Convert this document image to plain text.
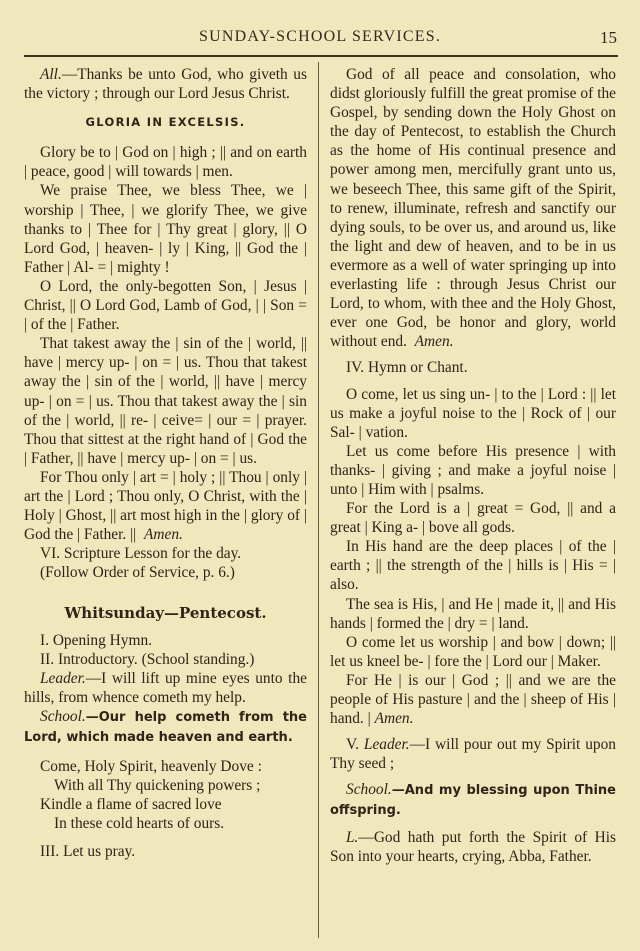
SUNDAY-SCHOOL SERVICES.	15

All.—Thanks be unto God, who giveth us the victory ; through our Lord Jesus Christ.

GLORIA IN EXCELSIS.

Glory be to | God on | high ; || and on earth | peace, good | will towards | men.

We praise Thee, we bless Thee, we | worship | Thee, | we glorify Thee, we give thanks to | Thee for | Thy great | glory, || O Lord God, | heaven- | ly | King, || God the | Father | Al- = | mighty !

O Lord, the only-begotten Son, | Jesus | Christ, || O Lord God, Lamb of God, | | Son = | of the | Father.

That takest away the | sin of the | world, || have | mercy up- | on = | us. Thou that takest away the | sin of the | world, || have | mercy up- | on = | us. Thou that takest away the | sin of the | world, || re- | ceive= | our = | prayer. Thou that sittest at the right hand of | God the | Father, || have | mercy up- | on = | us.

For Thou only | art = | holy ; || Thou | only | art the | Lord ; Thou only, O Christ, with the | Holy | Ghost, || art most high in the | glory of | God the | Father. || Amen.

VI. Scripture Lesson for the day.

(Follow Order of Service, p. 6.)

Whitsunday—Pentecost.

I. Opening Hymn.

II. Introductory. (School standing.)

Leader.—I will lift up mine eyes unto the hills, from whence cometh my help.

School.—Our help cometh from the Lord, which made heaven and earth.

Come, Holy Spirit, heavenly Dove :
With all Thy quickening powers ;
Kindle a flame of sacred love
In these cold hearts of ours.

III. Let us pray.

God of all peace and consolation, who didst gloriously fulfill the great promise of the Gospel, by sending down the Holy Ghost on the day of Pentecost, to establish the Church as the home of His continual presence and power among men, mercifully grant unto us, we beseech Thee, this same gift of the Spirit, to renew, illuminate, refresh and sanctify our dying souls, to be over us, and around us, like the light and dew of heaven, and to be in us evermore as a well of water springing up into everlasting life : through Jesus Christ our Lord, to whom, with thee and the Holy Ghost, ever one God, be honor and glory, world without end. Amen.

IV. Hymn or Chant.

O come, let us sing un- | to the | Lord : || let us make a joyful noise to the | Rock of | our Sal- | vation.

Let us come before His presence | with thanks- | giving ; and make a joyful noise | unto | Him with | psalms.

For the Lord is a | great = God, || and a great | King a- | bove all gods.

In His hand are the deep places | of the | earth ; || the strength of the | hills is | His = | also.

The sea is His, | and He | made it, || and His hands | formed the | dry = | land.

O come let us worship | and bow | down; || let us kneel be- | fore the | Lord our | Maker.

For He | is our | God ; || and we are the people of His pasture | and the | sheep of His | hand. | Amen.

V. Leader.—I will pour out my Spirit upon Thy seed ;

School.—And my blessing upon Thine offspring.

L.—God hath put forth the Spirit of His Son into your hearts, crying, Abba, Father.
